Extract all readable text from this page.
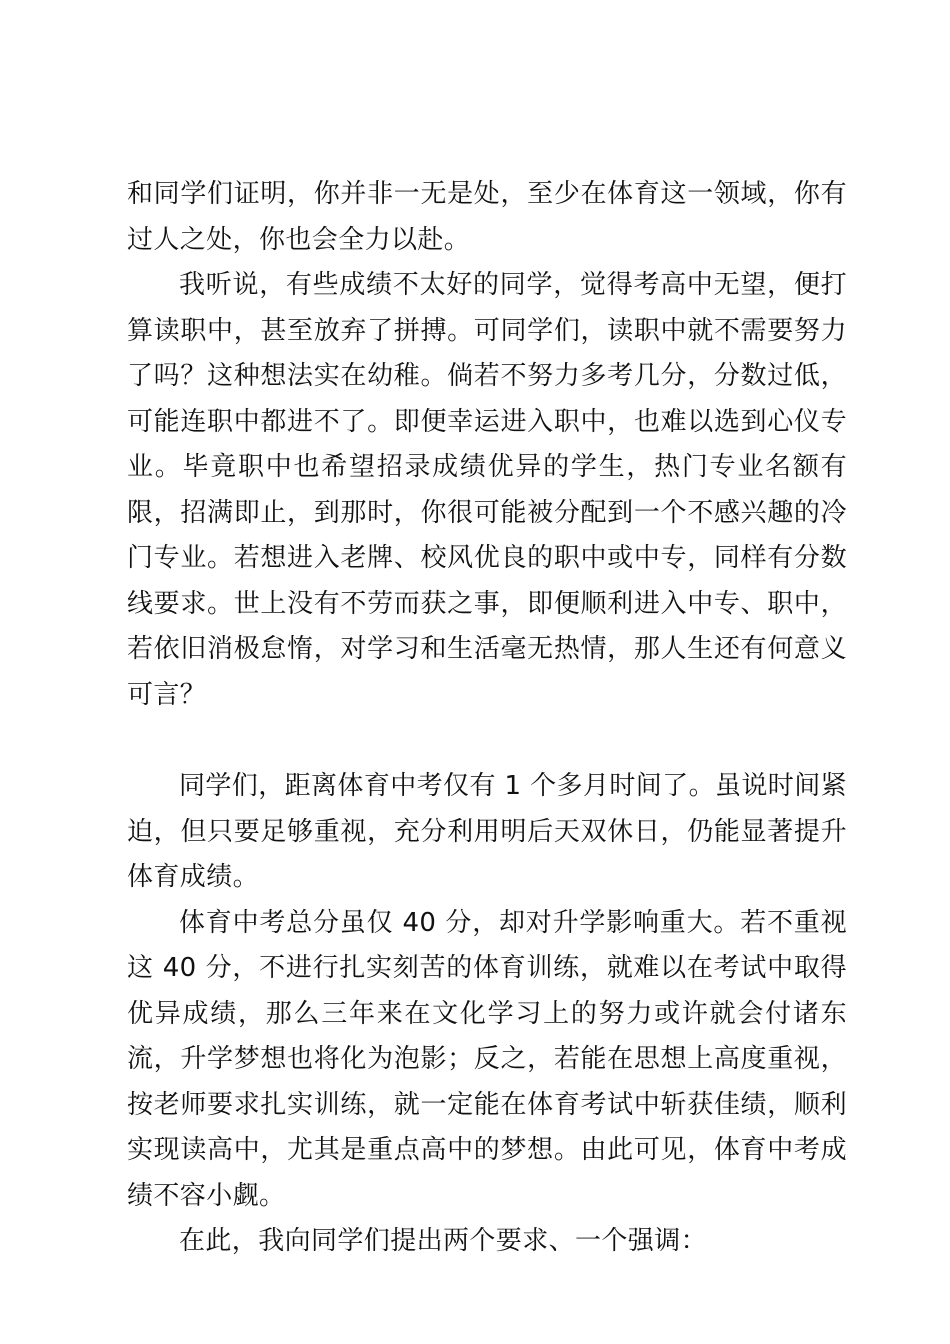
和同学们证明，你并非一无是处，至少在体育这一领域，你有过人之处，你也会全力以赴。

我听说，有些成绩不太好的同学，觉得考高中无望，便打算读职中，甚至放弃了拼搏。可同学们，读职中就不需要努力了吗？这种想法实在幼稚。倘若不努力多考几分，分数过低，可能连职中都进不了。即便幸运进入职中，也难以选到心仪专业。毕竟职中也希望招录成绩优异的学生，热门专业名额有限，招满即止，到那时，你很可能被分配到一个不感兴趣的冷门专业。若想进入老牌、校风优良的职中或中专，同样有分数线要求。世上没有不劳而获之事，即便顺利进入中专、职中，若依旧消极怠惰，对学习和生活毫无热情，那人生还有何意义可言？

同学们，距离体育中考仅有 1 个多月时间了。虽说时间紧迫，但只要足够重视，充分利用明后天双休日，仍能显著提升体育成绩。

体育中考总分虽仅 40 分，却对升学影响重大。若不重视这 40 分，不进行扎实刻苦的体育训练，就难以在考试中取得优异成绩，那么三年来在文化学习上的努力或许就会付诸东流，升学梦想也将化为泡影；反之，若能在思想上高度重视，按老师要求扎实训练，就一定能在体育考试中斩获佳绩，顺利实现读高中，尤其是重点高中的梦想。由此可见，体育中考成绩不容小觑。

在此，我向同学们提出两个要求、一个强调：
